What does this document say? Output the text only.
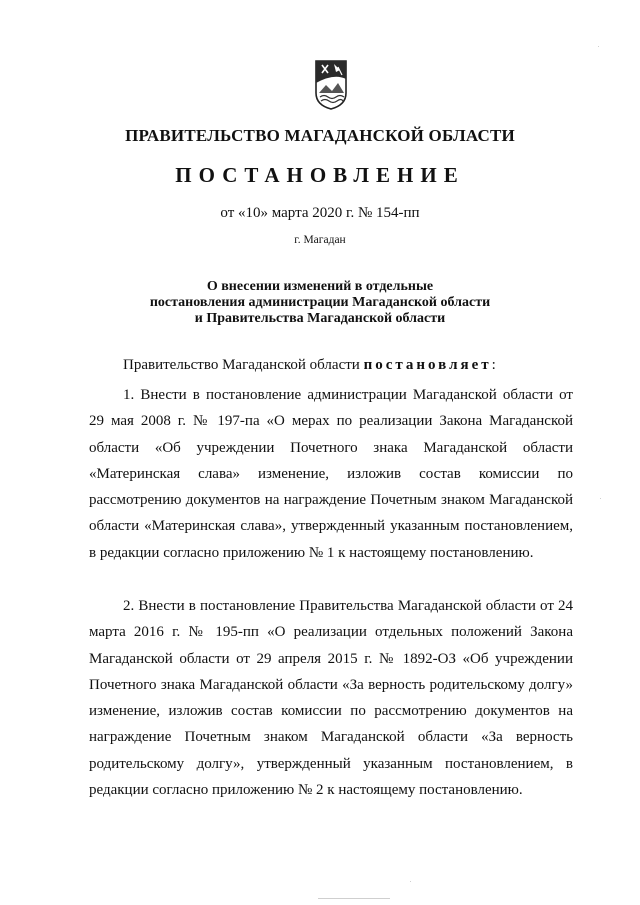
ПРАВИТЕЛЬСТВО МАГАДАНСКОЙ ОБЛАСТИ
ПОСТАНОВЛЕНИЕ
от «10» марта 2020 г. № 154-пп
г. Магадан
О внесении изменений в отдельные
постановления администрации Магаданской области
и Правительства Магаданской области
Правительство Магаданской области постановляет:
1. Внести в постановление администрации Магаданской области от 29 мая 2008 г. № 197-па «О мерах по реализации Закона Магаданской области «Об учреждении Почетного знака Магаданской области «Материнская слава» изменение, изложив состав комиссии по рассмотрению документов на награждение Почетным знаком Магаданской области «Материнская слава», утвержденный указанным постановлением, в редакции согласно приложению № 1 к настоящему постановлению.
2. Внести в постановление Правительства Магаданской области от 24 марта 2016 г. № 195-пп «О реализации отдельных положений Закона Магаданской области от 29 апреля 2015 г. № 1892-ОЗ «Об учреждении Почетного знака Магаданской области «За верность родительскому долгу» изменение, изложив состав комиссии по рассмотрению документов на награждение Почетным знаком Магаданской области «За верность родительскому долгу», утвержденный указанным постановлением, в редакции согласно приложению № 2 к настоящему постановлению.
